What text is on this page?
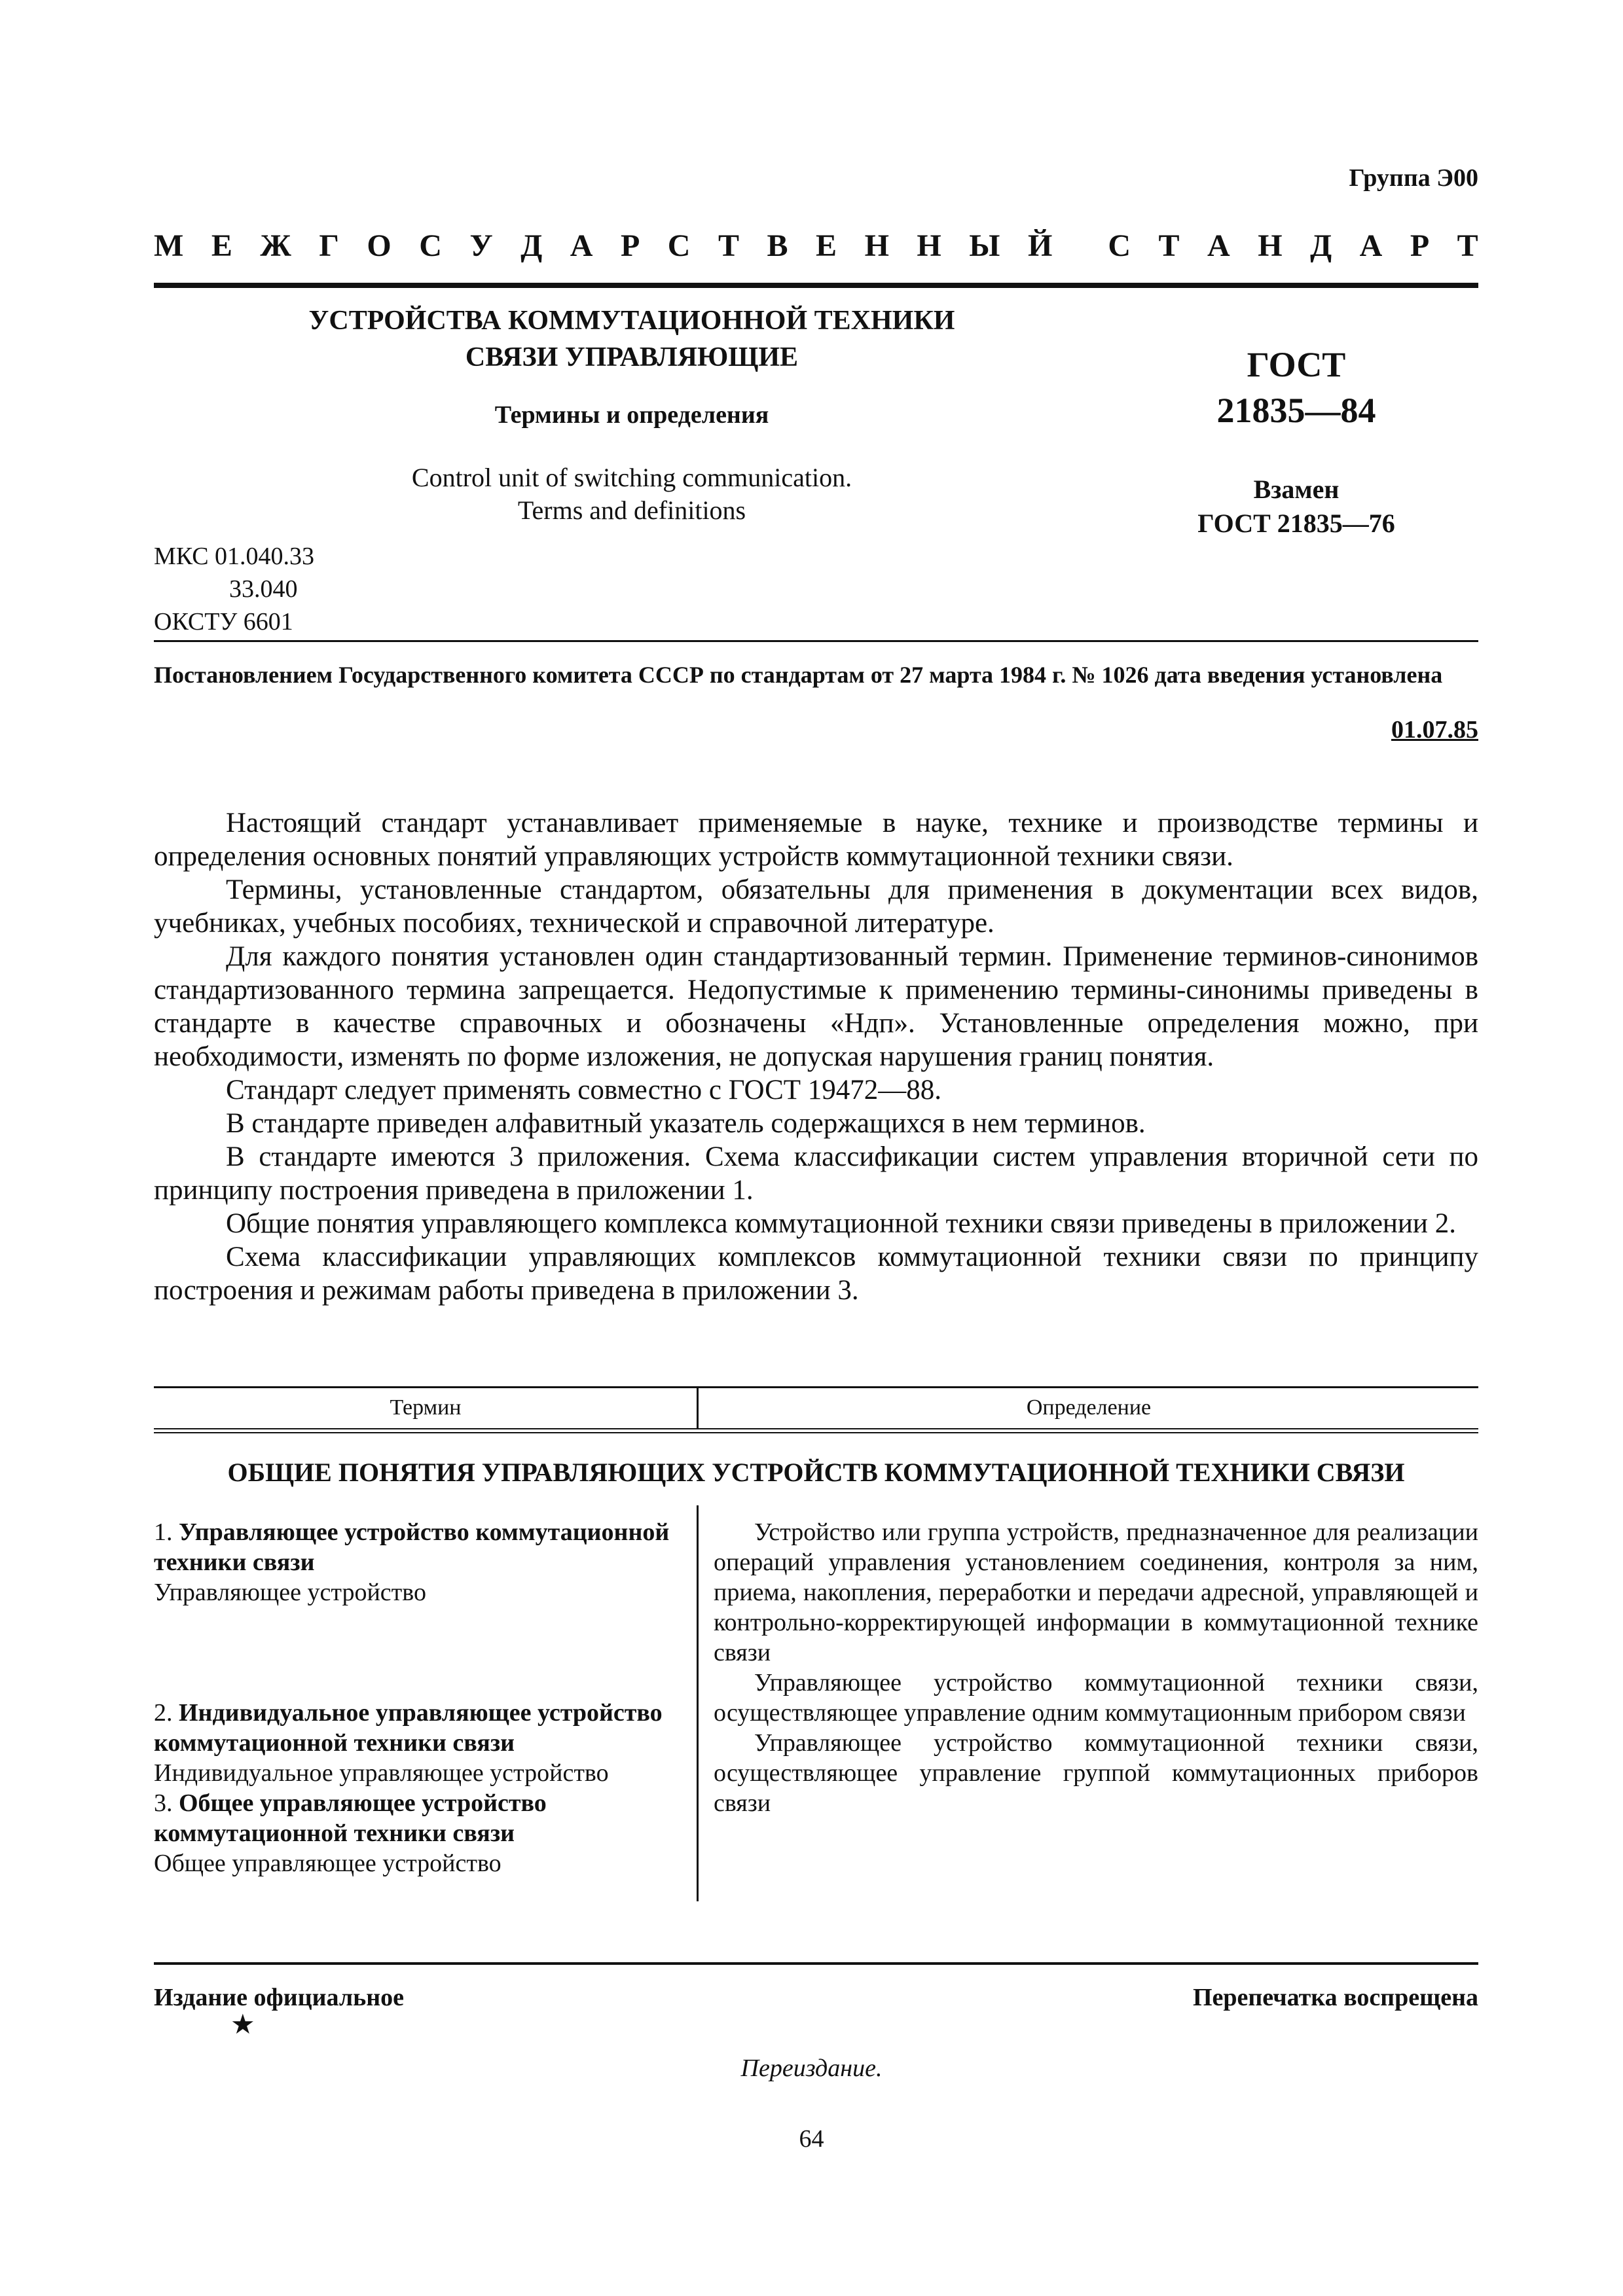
Группа Э00
М Е Ж Г О С У Д А Р С Т В Е Н Н Ы Й С Т А Н Д А Р Т
УСТРОЙСТВА КОММУТАЦИОННОЙ ТЕХНИКИ
СВЯЗИ УПРАВЛЯЮЩИЕ
Термины и определения
ГОСТ
21835—84
Control unit of switching communication.
Terms and definitions
Взамен
ГОСТ 21835—76
МКС 01.040.33
33.040
ОКСТУ 6601
Постановлением Государственного комитета СССР по стандартам от 27 марта 1984 г. № 1026 дата введения установлена
01.07.85

Настоящий стандарт устанавливает применяемые в науке, технике и производстве термины и определения основных понятий управляющих устройств коммутационной техники связи.

Термины, установленные стандартом, обязательны для применения в документации всех видов, учебниках, учебных пособиях, технической и справочной литературе.

Для каждого понятия установлен один стандартизованный термин. Применение терминов-синонимов стандартизованного термина запрещается. Недопустимые к применению термины-синонимы приведены в стандарте в качестве справочных и обозначены «Ндп». Установленные определения можно, при необходимости, изменять по форме изложения, не допуская нарушения границ понятия.

Стандарт следует применять совместно с ГОСТ 19472—88.

В стандарте приведен алфавитный указатель содержащихся в нем терминов.

В стандарте имеются 3 приложения. Схема классификации систем управления вторичной сети по принципу построения приведена в приложении 1.

Общие понятия управляющего комплекса коммутационной техники связи приведены в приложении 2.

Схема классификации управляющих комплексов коммутационной техники связи по принципу построения и режимам работы приведена в приложении 3.

Термин	Определение
ОБЩИЕ ПОНЯТИЯ УПРАВЛЯЮЩИХ УСТРОЙСТВ КОММУТАЦИОННОЙ ТЕХНИКИ СВЯЗИ
1. Управляющее устройство коммутационной техники связи
Управляющее устройство
2. Индивидуальное управляющее устройство коммутационной техники связи
Индивидуальное управляющее устройство
3. Общее управляющее устройство коммутационной техники связи
Общее управляющее устройство

Устройство или группа устройств, предназначенное для реализации операций управления установлением соединения, контроля за ним, приема, накопления, переработки и передачи адресной, управляющей и контрольно-корректирующей информации в коммутационной технике связи

Управляющее устройство коммутационной техники связи, осуществляющее управление одним коммутационным прибором связи

Управляющее устройство коммутационной техники связи, осуществляющее управление группой коммутационных приборов связи

Издание официальное	Перепечатка воспрещена
★
Переиздание.
64
